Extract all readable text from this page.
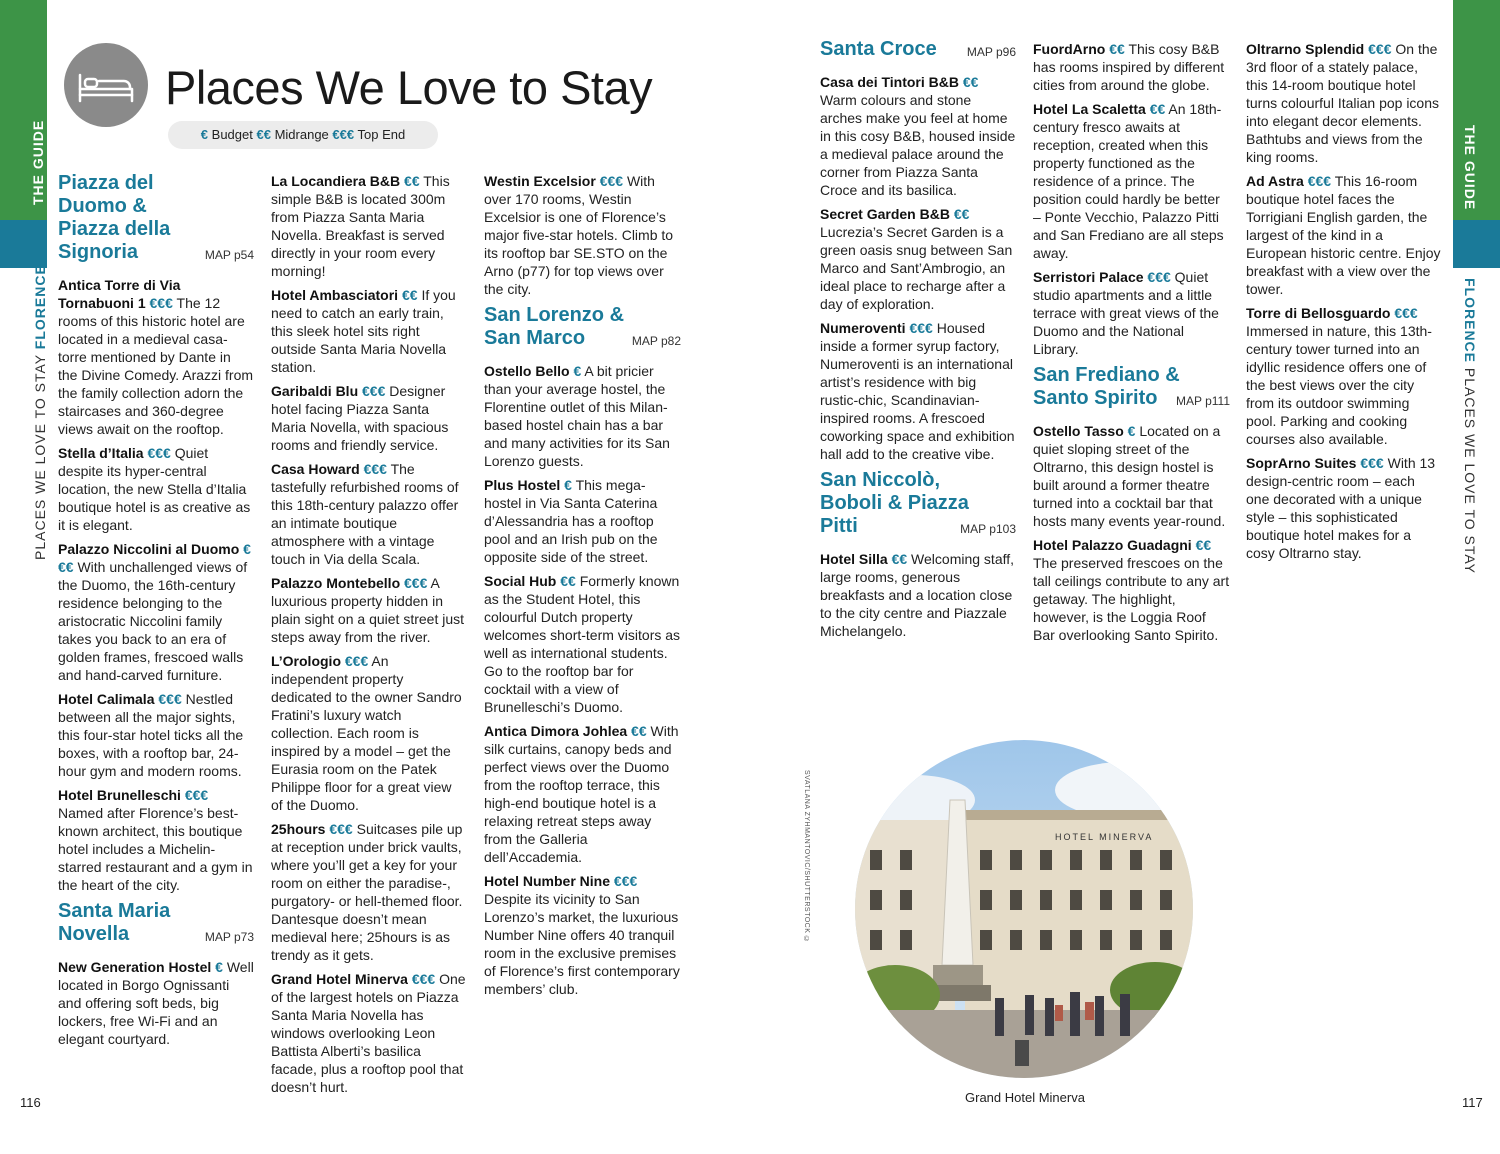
THE GUIDE
PLACES WE LOVE TO STAY FLORENCE
THE GUIDE
FLORENCE PLACES WE LOVE TO STAY
Places We Love to Stay
€ Budget €€ Midrange €€€ Top End
Piazza del Duomo & Piazza della Signoria	MAP p54

Antica Torre di Via Tornabuoni 1 €€€ The 12 rooms of this historic hotel are located in a medieval casa-torre mentioned by Dante in the Divine Comedy. Arazzi from the family collection adorn the staircases and 360-degree views await on the rooftop.

Stella d’Italia €€€ Quiet despite its hyper-central location, the new Stella d’Italia boutique hotel is as creative as it is elegant.

Palazzo Niccolini al Duomo €€€ With unchallenged views of the Duomo, the 16th-century residence belonging to the aristocratic Niccolini family takes you back to an era of golden frames, frescoed walls and hand-carved furniture.

Hotel Calimala €€€ Nestled between all the major sights, this four-star hotel ticks all the boxes, with a rooftop bar, 24-hour gym and modern rooms.

Hotel Brunelleschi €€€ Named after Florence’s best-known architect, this boutique hotel includes a Michelin-starred restaurant and a gym in the heart of the city.

Santa Maria Novella	MAP p73

New Generation Hostel € Well located in Borgo Ognissanti and offering soft beds, big lockers, free Wi-Fi and an elegant courtyard.

La Locandiera B&B €€ This simple B&B is located 300m from Piazza Santa Maria Novella. Breakfast is served directly in your room every morning!

Hotel Ambasciatori €€ If you need to catch an early train, this sleek hotel sits right outside Santa Maria Novella station.

Garibaldi Blu €€€ Designer hotel facing Piazza Santa Maria Novella, with spacious rooms and friendly service.

Casa Howard €€€ The tastefully refurbished rooms of this 18th-century palazzo offer an intimate boutique atmosphere with a vintage touch in Via della Scala.

Palazzo Montebello €€€ A luxurious property hidden in plain sight on a quiet street just steps away from the river.

L’Orologio €€€ An independent property dedicated to the owner Sandro Fratini’s luxury watch collection. Each room is inspired by a model – get the Eurasia room on the Patek Philippe floor for a great view of the Duomo.

25hours €€€ Suitcases pile up at reception under brick vaults, where you’ll get a key for your room on either the paradise-, purgatory- or hell-themed floor. Dantesque doesn’t mean medieval here; 25hours is as trendy as it gets.

Grand Hotel Minerva €€€ One of the largest hotels on Piazza Santa Maria Novella has windows overlooking Leon Battista Alberti’s basilica facade, plus a rooftop pool that doesn’t hurt.

Westin Excelsior €€€ With over 170 rooms, Westin Excelsior is one of Florence’s major five-star hotels. Climb to its rooftop bar SE.STO on the Arno (p77) for top views over the city.

San Lorenzo & San Marco	MAP p82

Ostello Bello € A bit pricier than your average hostel, the Florentine outlet of this Milan-based hostel chain has a bar and many activities for its San Lorenzo guests.

Plus Hostel € This mega-hostel in Via Santa Caterina d’Alessandria has a rooftop pool and an Irish pub on the opposite side of the street.

Social Hub €€ Formerly known as the Student Hotel, this colourful Dutch property welcomes short-term visitors as well as international students. Go to the rooftop bar for cocktail with a view of Brunelleschi’s Duomo.

Antica Dimora Johlea €€ With silk curtains, canopy beds and perfect views over the Duomo from the rooftop terrace, this high-end boutique hotel is a relaxing retreat steps away from the Galleria dell’Accademia.

Hotel Number Nine €€€ Despite its vicinity to San Lorenzo’s market, the luxurious Number Nine offers 40 tranquil room in the exclusive premises of Florence’s first contemporary members’ club.

Santa Croce	MAP p96

Casa dei Tintori B&B €€ Warm colours and stone arches make you feel at home in this cosy B&B, housed inside a medieval palace around the corner from Piazza Santa Croce and its basilica.

Secret Garden B&B €€ Lucrezia’s Secret Garden is a green oasis snug between San Marco and Sant’Ambrogio, an ideal place to recharge after a day of exploration.

Numeroventi €€€ Housed inside a former syrup factory, Numeroventi is an international artist’s residence with big rustic-chic, Scandinavian-inspired rooms. A frescoed coworking space and exhibition hall add to the creative vibe.

San Niccolò, Boboli & Piazza Pitti	MAP p103

Hotel Silla €€ Welcoming staff, large rooms, generous breakfasts and a location close to the city centre and Piazzale Michelangelo.

FuordArno €€ This cosy B&B has rooms inspired by different cities from around the globe.

Hotel La Scaletta €€ An 18th-century fresco awaits at reception, created when this property functioned as the residence of a prince. The position could hardly be better – Ponte Vecchio, Palazzo Pitti and San Frediano are all steps away.

Serristori Palace €€€ Quiet studio apartments and a little terrace with great views of the Duomo and the National Library.

San Frediano & Santo Spirito	MAP p111

Ostello Tasso € Located on a quiet sloping street of the Oltrarno, this design hostel is built around a former theatre turned into a cocktail bar that hosts many events year-round.

Hotel Palazzo Guadagni €€ The preserved frescoes on the tall ceilings contribute to any art getaway. The highlight, however, is the Loggia Roof Bar overlooking Santo Spirito.

Oltrarno Splendid €€€ On the 3rd floor of a stately palace, this 14-room boutique hotel turns colourful Italian pop icons into elegant decor elements. Bathtubs and views from the king rooms.

Ad Astra €€€ This 16-room boutique hotel faces the Torrigiani English garden, the largest of the kind in a European historic centre. Enjoy breakfast with a view over the tower.

Torre di Bellosguardo €€€ Immersed in nature, this 13th-century tower turned into an idyllic residence offers one of the best views over the city from its outdoor swimming pool. Parking and cooking courses also available.

SoprArno Suites €€€ With 13 design-centric room – each one decorated with a unique style – this sophisticated boutique hotel makes for a cosy Oltrarno stay.

SVATLANA ZYHMANTOVIC/SHUTTERSTOCK ©	HOTEL MINERVA
Grand Hotel Minerva
116	117
